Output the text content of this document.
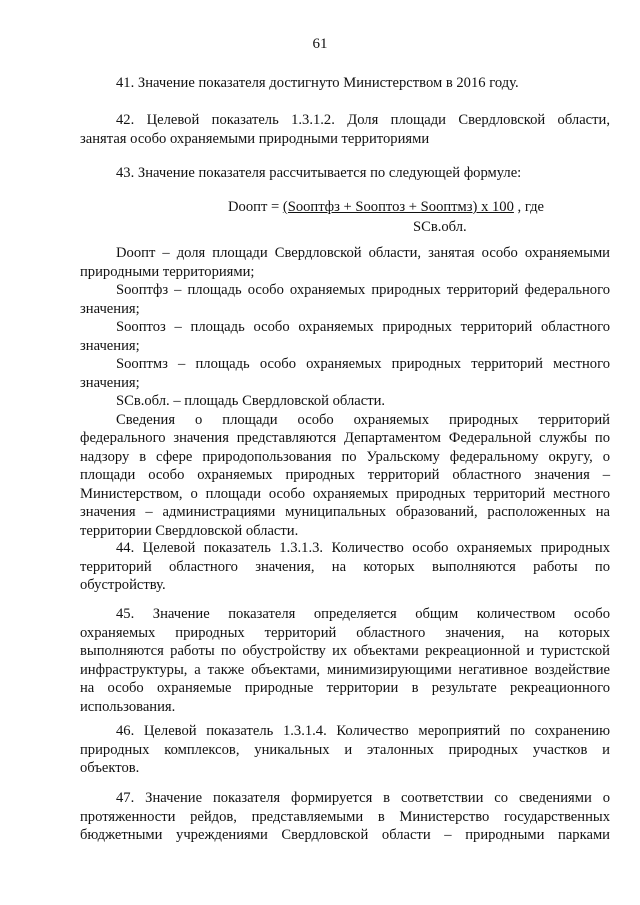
61
41. Значение показателя достигнуто Министерством в 2016 году.
42. Целевой показатель 1.3.1.2. Доля площади Свердловской области,
занятая особо охраняемыми природными территориями
43. Значение показателя рассчитывается по следующей формуле:
Dоопт = (Sоoптфз + Sоoптоз + Sоoптмз) х 100 , где
SСв.обл.
Dоопт – доля площади Свердловской области, занятая особо охраняемыми
природными территориями;
Sоoптфз – площадь особо охраняемых природных территорий федерального
значения;
Sоoптоз – площадь особо охраняемых природных территорий областного
значения;
Sоoптмз – площадь особо охраняемых природных территорий местного
значения;
SСв.обл. – площадь Свердловской области.
Сведения о площади особо охраняемых природных территорий
федерального значения представляются Департаментом Федеральной службы по
надзору в сфере природопользования по Уральскому федеральному округу, о
площади особо охраняемых природных территорий областного значения –
Министерством, о площади особо охраняемых природных территорий местного
значения – администрациями муниципальных образований, расположенных на
территории Свердловской области.
44. Целевой показатель 1.3.1.3. Количество особо охраняемых природных
территорий областного значения, на которых выполняются работы по
обустройству.
45. Значение показателя определяется общим количеством особо
охраняемых природных территорий областного значения, на которых
выполняются работы по обустройству их объектами рекреационной и туристской
инфраструктуры, а также объектами, минимизирующими негативное воздействие
на особо охраняемые природные территории в результате рекреационного
использования.
46. Целевой показатель 1.3.1.4. Количество мероприятий по сохранению
природных комплексов, уникальных и эталонных природных участков и
объектов.
47. Значение показателя формируется в соответствии со сведениями о
протяженности рейдов, представляемыми в Министерство государственных
бюджетными учреждениями Свердловской области – природными парками
